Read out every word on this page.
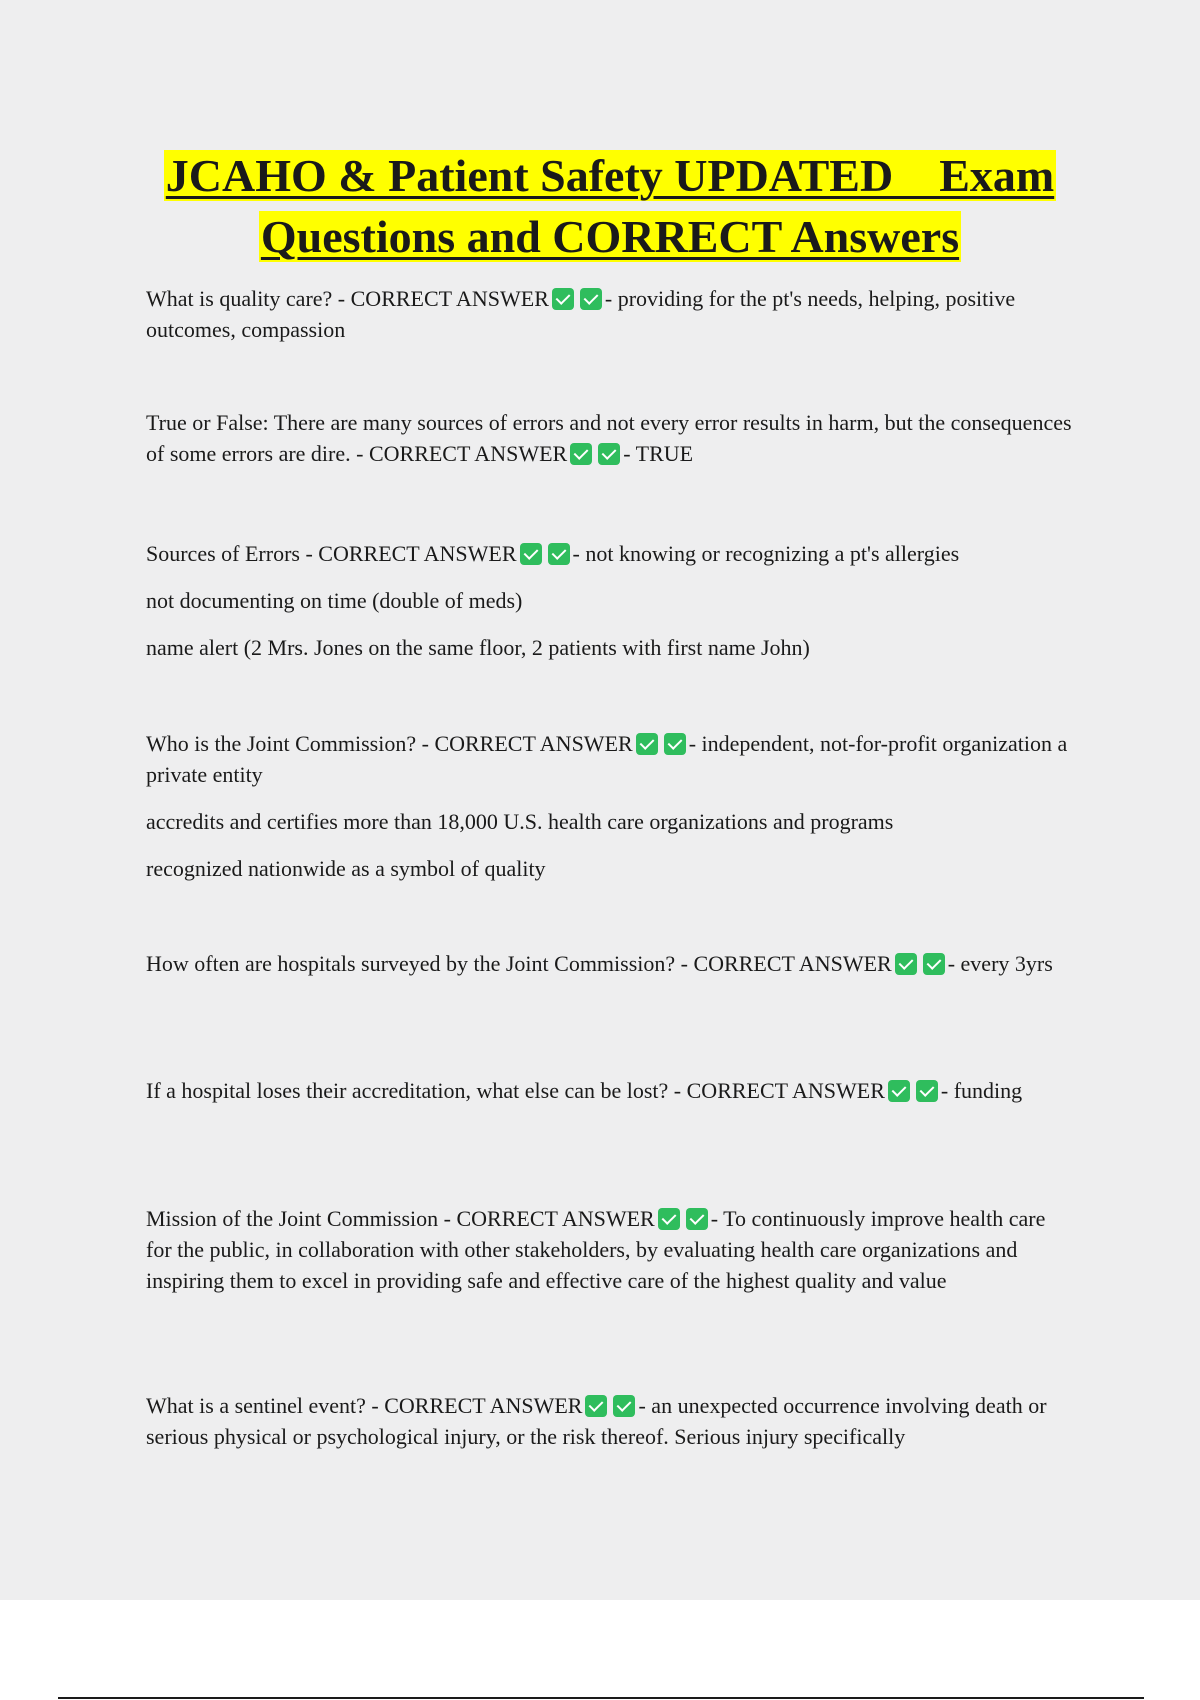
JCAHO & Patient Safety UPDATED    Exam
Questions and CORRECT Answers

What is quality care? - CORRECT ANSWER	- providing for the pt's needs, helping, positive outcomes, compassion

True or False: There are many sources of errors and not every error results in harm, but the consequences of some errors are dire. - CORRECT ANSWER	- TRUE

Sources of Errors - CORRECT ANSWER	- not knowing or recognizing a pt's allergies

not documenting on time (double of meds)

name alert (2 Mrs. Jones on the same floor, 2 patients with first name John)

Who is the Joint Commission? - CORRECT ANSWER	- independent, not-for-profit organization a private entity

accredits and certifies more than 18,000 U.S. health care organizations and programs

recognized nationwide as a symbol of quality

How often are hospitals surveyed by the Joint Commission? - CORRECT ANSWER	- every 3yrs

If a hospital loses their accreditation, what else can be lost? - CORRECT ANSWER	- funding

Mission of the Joint Commission - CORRECT ANSWER	- To continuously improve health care for the public, in collaboration with other stakeholders, by evaluating health care organizations and inspiring them to excel in providing safe and effective care of the highest quality and value

What is a sentinel event? - CORRECT ANSWER	- an unexpected occurrence involving death or serious physical or psychological injury, or the risk thereof. Serious injury specifically
